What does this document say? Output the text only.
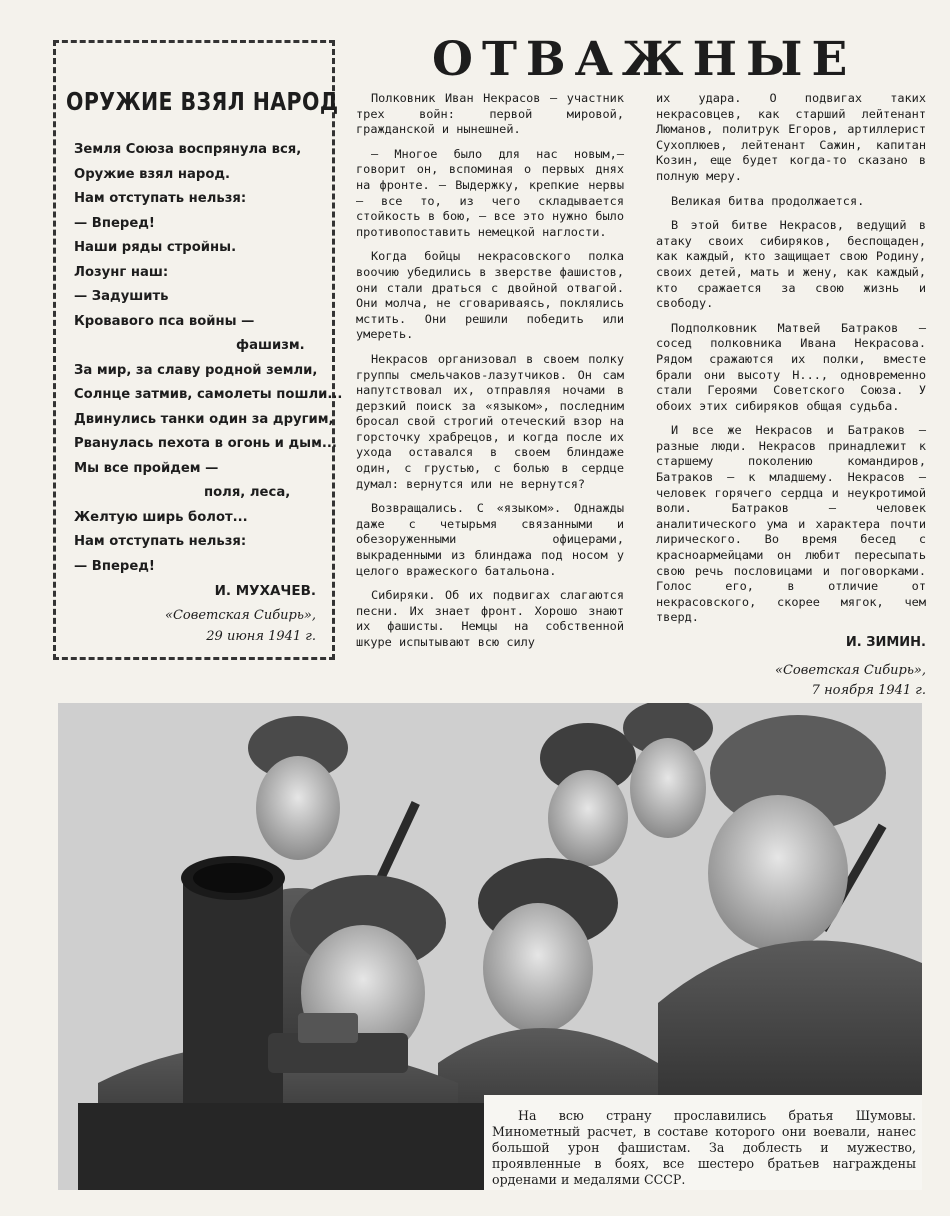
ОРУЖИЕ ВЗЯЛ НАРОД
Земля Союза воспрянула вся,
Оружие взял народ.
Нам отступать нельзя:
— Вперед!
Наши ряды стройны.
Лозунг наш:
— Задушить
Кровавого пса войны —
фашизм.
За мир, за славу родной земли,
Солнце затмив, самолеты пошли...
Двинулись танки один за другим,
Рванулась пехота в огонь и дым...
Мы все пройдем —
поля, леса,
Желтую ширь болот...
Нам отступать нельзя:
— Вперед!
И. МУХАЧЕВ.
«Советская Сибирь»,
29 июня 1941 г.
ОТВАЖНЫЕ

Полковник Иван Некрасов — участник трех войн: первой мировой, гражданской и нынешней.

— Многое было для нас новым,— говорит он, вспоминая о первых днях на фронте. — Выдержку, крепкие нервы — все то, из чего складывается стойкость в бою, — все это нужно было противопоставить немецкой наглости.

Когда бойцы некрасовского полка воочию убедились в зверстве фашистов, они стали драться с двойной отвагой. Они молча, не сговариваясь, поклялись мстить. Они решили победить или умереть.

Некрасов организовал в своем полку группы смельчаков-лазутчиков. Он сам напутствовал их, отправляя ночами в дерзкий поиск за «языком», последним бросал свой строгий отеческий взор на горсточку храбрецов, и когда после их ухода оставался в своем блиндаже один, с грустью, с болью в сердце думал: вернутся или не вернутся?

Возвращались. С «языком». Однажды даже с четырьмя связанными и обезоруженными офицерами, выкраденными из блиндажа под носом у целого вражеского батальона.

Сибиряки. Об их подвигах слагаются песни. Их знает фронт. Хорошо знают их фашисты. Немцы на собственной шкуре испытывают всю силу

их удара. О подвигах таких некрасовцев, как старший лейтенант Люманов, политрук Егоров, артиллерист Сухоплюев, лейтенант Сажин, капитан Козин, еще будет когда-то сказано в полную меру.

Великая битва продолжается.

В этой битве Некрасов, ведущий в атаку своих сибиряков, беспощаден, как каждый, кто защищает свою Родину, своих детей, мать и жену, как каждый, кто сражается за свою жизнь и свободу.

Подполковник Матвей Батраков — сосед полковника Ивана Некрасова. Рядом сражаются их полки, вместе брали они высоту Н..., одновременно стали Героями Советского Союза. У обоих этих сибиряков общая судьба.

И все же Некрасов и Батраков — разные люди. Некрасов принадлежит к старшему поколению командиров, Батраков — к младшему. Некрасов — человек горячего сердца и неукротимой воли. Батраков — человек аналитического ума и характера почти лирического. Во время бесед с красноармейцами он любит пересыпать свою речь пословицами и поговорками. Голос его, в отличие от некрасовского, скорее мягок, чем тверд.

И. ЗИМИН.
«Советская Сибирь»,
7 ноября 1941 г.
На всю страну прославились братья Шумовы. Минометный расчет, в составе которого они воевали, нанес большой урон фашистам. За доблесть и мужество, проявленные в боях, все шестеро братьев награждены орденами и медалями СССР.
